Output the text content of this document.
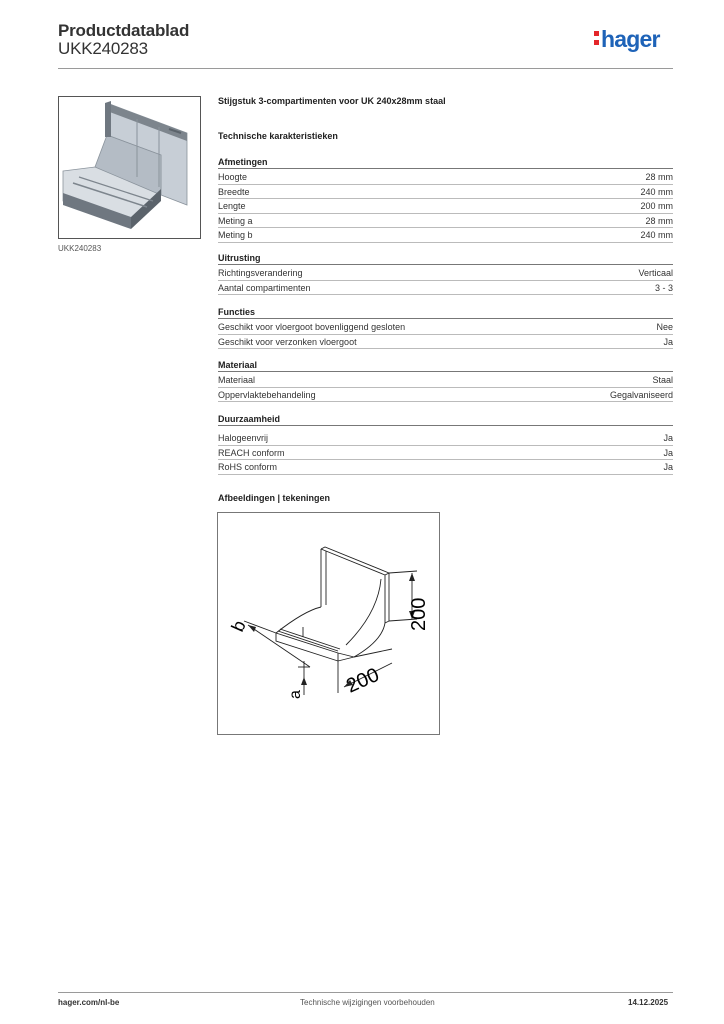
Productdatablad
UKK240283	hager
UKK240283
Stijgstuk 3-compartimenten voor UK 240x28mm staal
Technische karakteristieken
Afmetingen
Hoogte	28 mm
Breedte	240 mm
Lengte	200 mm
Meting a	28 mm
Meting b	240 mm
Uitrusting
Richtingsverandering	Verticaal
Aantal compartimenten	3 - 3
Functies
Geschikt voor vloergoot bovenliggend gesloten	Nee
Geschikt voor verzonken vloergoot	Ja
Materiaal
Materiaal	Staal
Oppervlaktebehandeling	Gegalvaniseerd
Duurzaamheid
Halogeenvrij	Ja
REACH conform	Ja
RoHS conform	Ja
Afbeeldingen | tekeningen
200
200
b
a
hager.com/nl-be	Technische wijzigingen voorbehouden	14.12.2025
